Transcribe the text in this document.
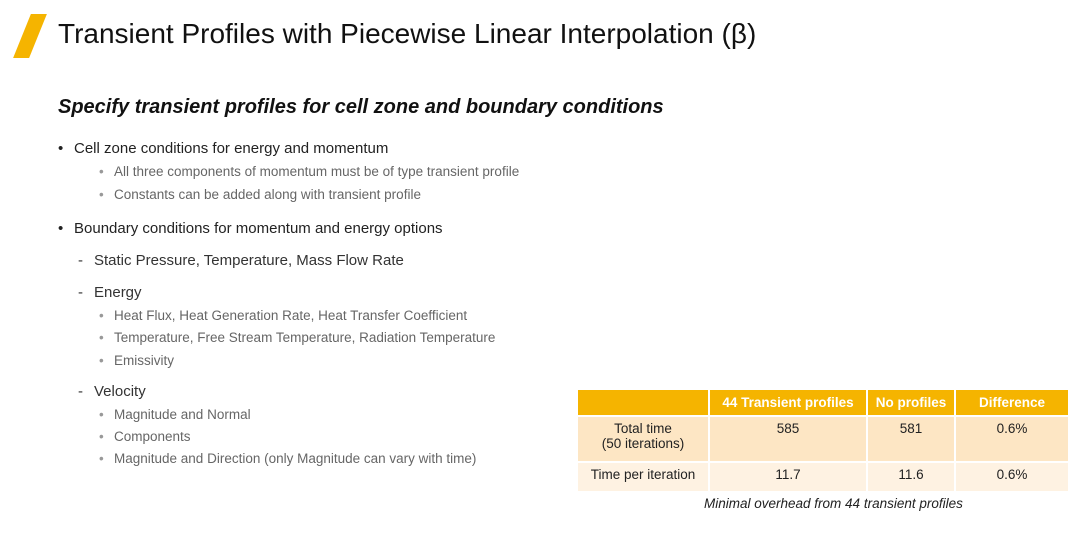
Transient Profiles with Piecewise Linear Interpolation (β)
Specify transient profiles for cell zone and boundary conditions
• Cell zone conditions for energy and momentum
• All three components of momentum must be of type transient profile
• Constants can be added along with transient profile
• Boundary conditions for momentum and energy options
- Static Pressure, Temperature, Mass Flow Rate
- Energy
• Heat Flux, Heat Generation Rate, Heat Transfer Coefficient
• Temperature, Free Stream Temperature, Radiation Temperature
• Emissivity
- Velocity
• Magnitude and Normal
• Components
• Magnitude and Direction (only Magnitude can vary with time)
	44 Transient profiles	No profiles	Difference

Total time
(50 iterations)	585	581	0.6%
Time per iteration	11.7	11.6	0.6%
Minimal overhead from 44 transient profiles
